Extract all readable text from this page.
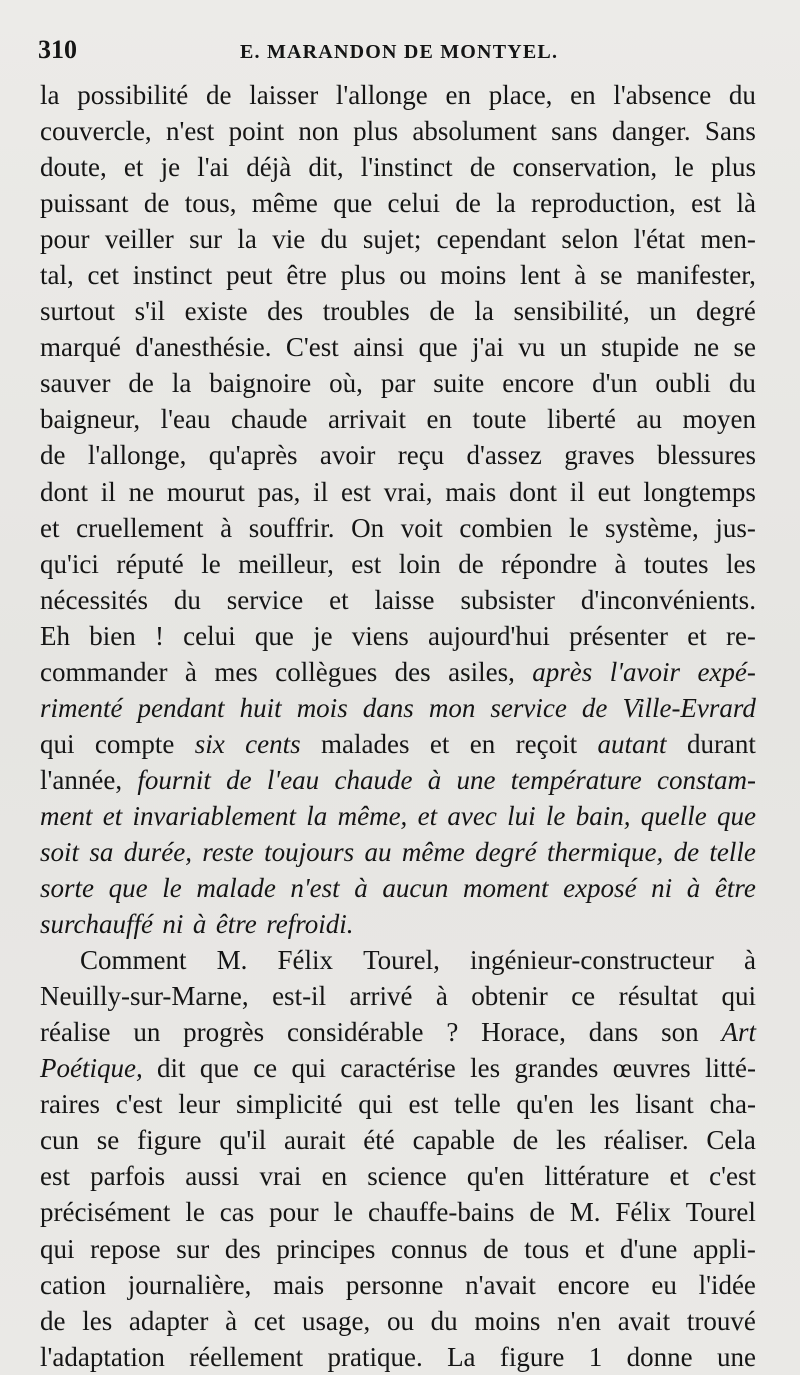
310	E. MARANDON DE MONTYEL.
la possibilité de laisser l'allonge en place, en l'absence du
couvercle, n'est point non plus absolument sans danger. Sans
doute, et je l'ai déjà dit, l'instinct de conservation, le plus
puissant de tous, même que celui de la reproduction, est là
pour veiller sur la vie du sujet; cependant selon l'état men-
tal, cet instinct peut être plus ou moins lent à se manifester,
surtout s'il existe des troubles de la sensibilité, un degré
marqué d'anesthésie. C'est ainsi que j'ai vu un stupide ne se
sauver de la baignoire où, par suite encore d'un oubli du
baigneur, l'eau chaude arrivait en toute liberté au moyen
de l'allonge, qu'après avoir reçu d'assez graves blessures
dont il ne mourut pas, il est vrai, mais dont il eut longtemps
et cruellement à souffrir. On voit combien le système, jus-
qu'ici réputé le meilleur, est loin de répondre à toutes les
nécessités du service et laisse subsister d'inconvénients.
Eh bien ! celui que je viens aujourd'hui présenter et re-
commander à mes collègues des asiles, après l'avoir expé-
rimenté pendant huit mois dans mon service de Ville-Evrard
qui compte six cents malades et en reçoit autant durant
l'année, fournit de l'eau chaude à une température constam-
ment et invariablement la même, et avec lui le bain, quelle que
soit sa durée, reste toujours au même degré thermique, de telle
sorte que le malade n'est à aucun moment exposé ni à être
surchauffé ni à être refroidi.
Comment M. Félix Tourel, ingénieur-constructeur à
Neuilly-sur-Marne, est-il arrivé à obtenir ce résultat qui
réalise un progrès considérable ? Horace, dans son Art
Poétique, dit que ce qui caractérise les grandes œuvres litté-
raires c'est leur simplicité qui est telle qu'en les lisant cha-
cun se figure qu'il aurait été capable de les réaliser. Cela
est parfois aussi vrai en science qu'en littérature et c'est
précisément le cas pour le chauffe-bains de M. Félix Tourel
qui repose sur des principes connus de tous et d'une appli-
cation journalière, mais personne n'avait encore eu l'idée
de les adapter à cet usage, ou du moins n'en avait trouvé
l'adaptation réellement pratique. La figure 1 donne une
